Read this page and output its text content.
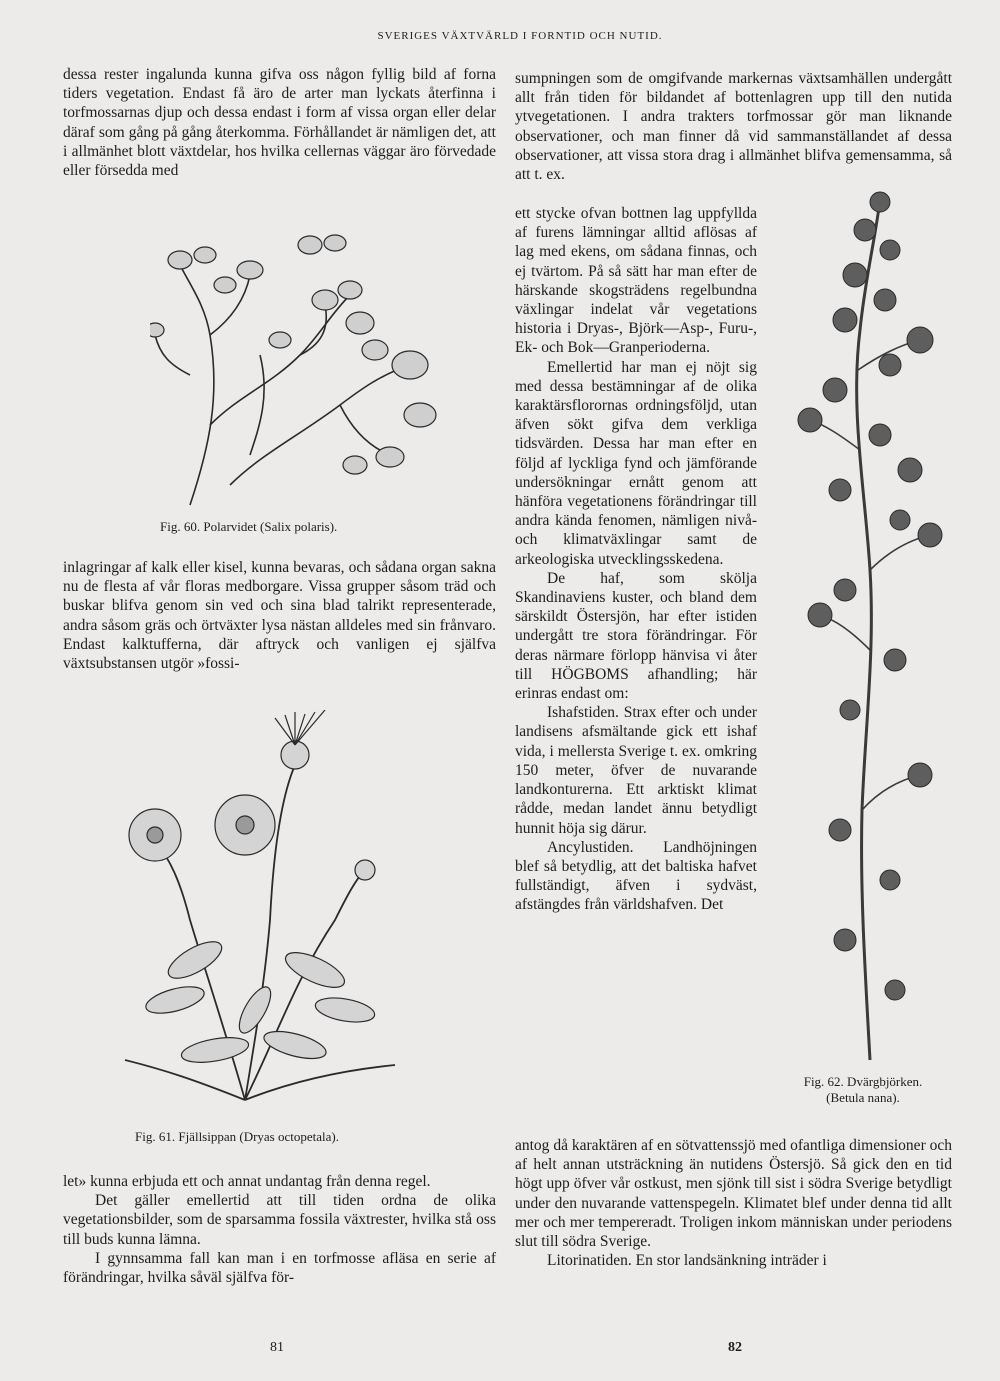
SVERIGES VÄXTVÄRLD I FORNTID OCH NUTID.

dessa rester ingalunda kunna gifva oss någon fyllig bild af forna tiders vegetation. Endast få äro de arter man lyckats återfinna i torfmossarnas djup och dessa endast i form af vissa organ eller delar däraf som gång på gång återkomma. Förhållandet är nämligen det, att i allmänhet blott växtdelar, hos hvilka cellernas väggar äro förvedade eller försedda med

Fig. 60. Polarvidet (Salix polaris).

inlagringar af kalk eller kisel, kunna bevaras, och sådana organ sakna nu de flesta af vår floras medborgare. Vissa grupper såsom träd och buskar blifva genom sin ved och sina blad talrikt representerade, andra såsom gräs och örtväxter lysa nästan alldeles med sin frånvaro. Endast kalktufferna, där aftryck och vanligen ej själfva växtsubstansen utgör »fossi-

Fig. 61. Fjällsippan (Dryas octopetala).

let» kunna erbjuda ett och annat undantag från denna regel.

Det gäller emellertid att till tiden ordna de olika vegetationsbilder, som de sparsamma fossila växtrester, hvilka stå oss till buds kunna lämna.

I gynnsamma fall kan man i en torfmosse afläsa en serie af förändringar, hvilka såväl själfva för-

sumpningen som de omgifvande markernas växtsamhällen undergått allt från tiden för bildandet af bottenlagren upp till den nutida ytvegetationen. I andra trakters torfmossar gör man liknande observationer, och man finner då vid sammanställandet af dessa observationer, att vissa stora drag i allmänhet blifva gemensamma, så att t. ex.

ett stycke ofvan bottnen lag uppfyllda af furens lämningar alltid aflösas af lag med ekens, om sådana finnas, och ej tvärtom. På så sätt har man efter de härskande skogsträdens regelbundna växlingar indelat vår vegetations historia i Dryas-, Björk—Asp-, Furu-, Ek- och Bok—Granperioderna.

Emellertid har man ej nöjt sig med dessa bestämningar af de olika karaktärsflorornas ordningsföljd, utan äfven sökt gifva dem verkliga tidsvärden. Dessa har man efter en följd af lyckliga fynd och jämförande undersökningar ernått genom att hänföra vegetationens förändringar till andra kända fenomen, nämligen nivå- och klimatväxlingar samt de arkeologiska utvecklingsskedena.

De haf, som skölja Skandinaviens kuster, och bland dem särskildt Östersjön, har efter istiden undergått tre stora förändringar. För deras närmare förlopp hänvisa vi åter till HÖGBOMS afhandling; här erinras endast om:

Ishafstiden. Strax efter och under landisens afsmältande gick ett ishaf vida, i mellersta Sverige t. ex. omkring 150 meter, öfver de nuvarande landkonturerna. Ett arktiskt klimat rådde, medan landet ännu betydligt hunnit höja sig därur.

Ancylustiden. Landhöjningen blef så betydlig, att det baltiska hafvet fullständigt, äfven i sydväst, afstängdes från världshafven. Det

Fig. 62. Dvärgbjörken.
(Betula nana).

antog då karaktären af en sötvattenssjö med ofantliga dimensioner och af helt annan utsträckning än nutidens Östersjö. Så gick den en tid högt upp öfver vår ostkust, men sjönk till sist i södra Sverige betydligt under den nuvarande vattenspegeln. Klimatet blef under denna tid allt mer och mer tempereradt. Troligen inkom människan under periodens slut till södra Sverige.

Litorinatiden. En stor landsänkning inträder i

81	82
